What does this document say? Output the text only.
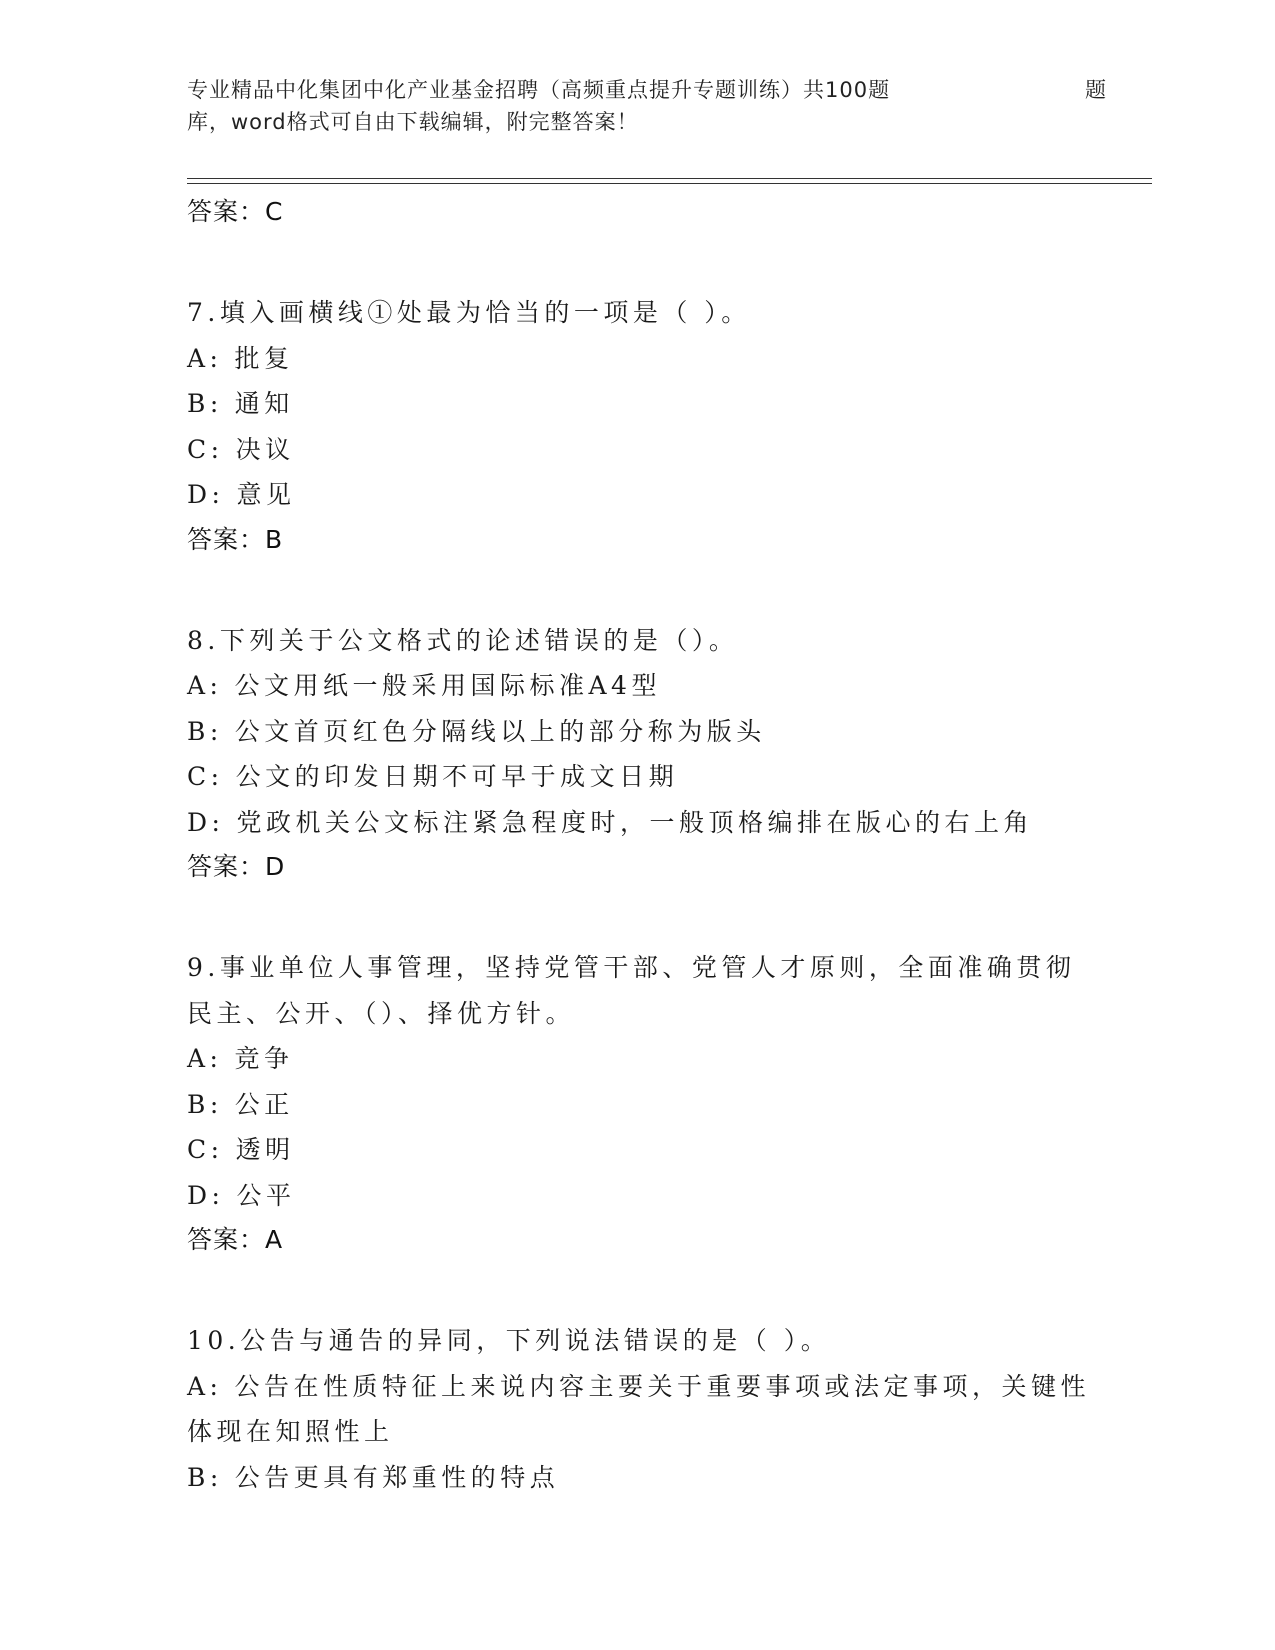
专业精品中化集团中化产业基金招聘（高频重点提升专题训练）共100题	题
库，word格式可自由下载编辑，附完整答案！
答案：C
7.填入画横线①处最为恰当的一项是（ ）。
A: 批复
B: 通知
C: 决议
D: 意见
答案：B
8.下列关于公文格式的论述错误的是（）。
A: 公文用纸一般采用国际标准A4型
B: 公文首页红色分隔线以上的部分称为版头
C: 公文的印发日期不可早于成文日期
D: 党政机关公文标注紧急程度时，一般顶格编排在版心的右上角
答案：D
9.事业单位人事管理，坚持党管干部、党管人才原则，全面准确贯彻
民主、公开、（）、择优方针。
A: 竞争
B: 公正
C: 透明
D: 公平
答案：A
10.公告与通告的异同，下列说法错误的是（ ）。
A: 公告在性质特征上来说内容主要关于重要事项或法定事项，关键性
体现在知照性上
B: 公告更具有郑重性的特点
